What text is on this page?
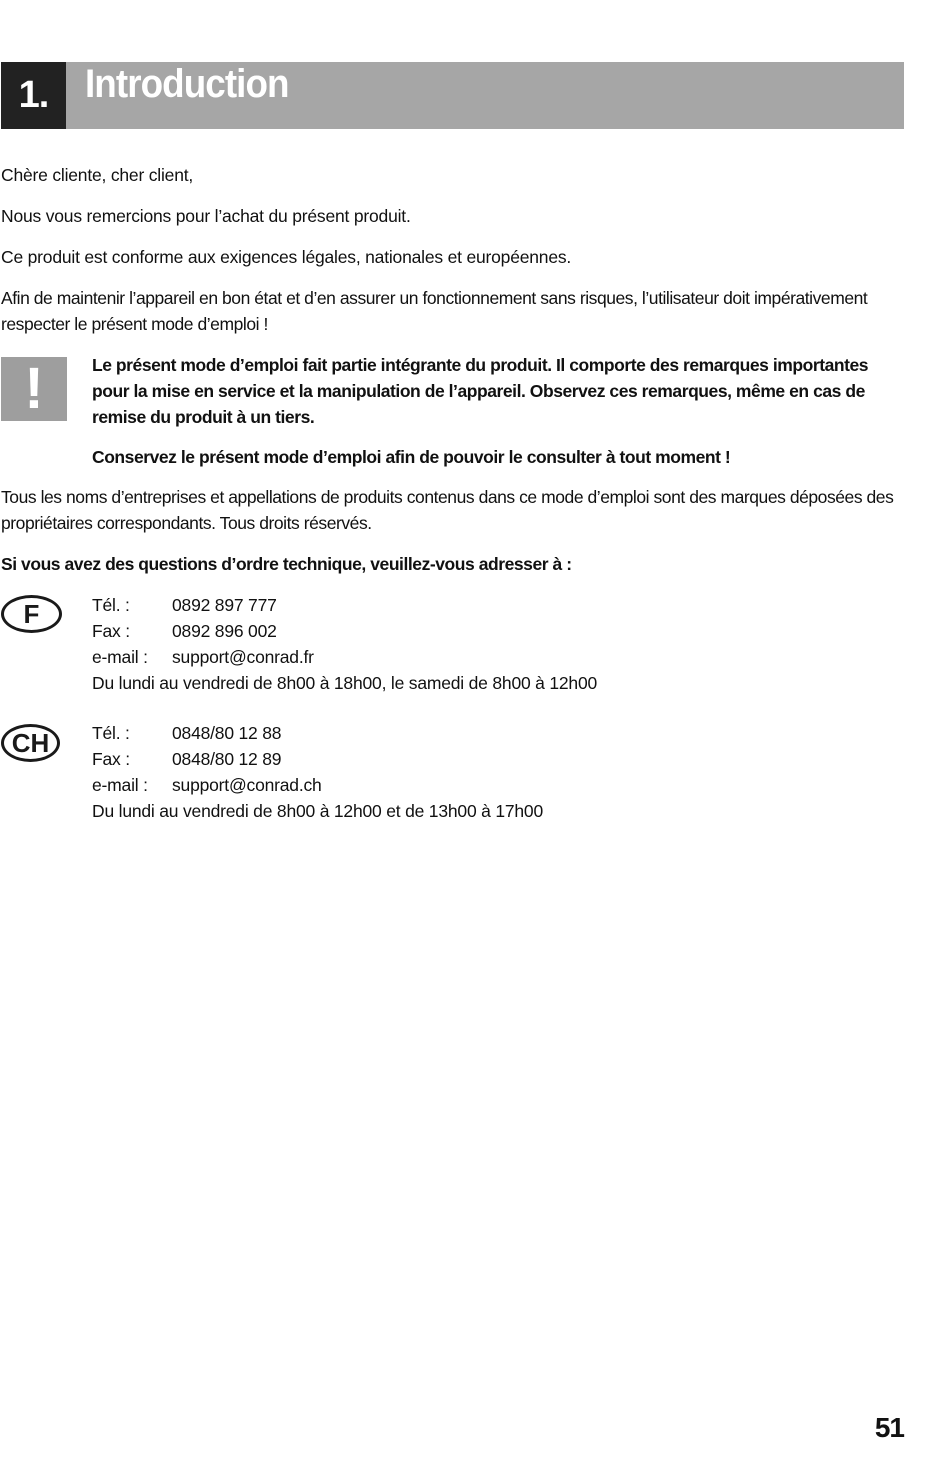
1. Introduction

Chère cliente, cher client,

Nous vous remercions pour l’achat du présent produit.

Ce produit est conforme aux exigences légales, nationales et européennes.

Afin de maintenir l’appareil en bon état et d’en assurer un fonctionnement sans risques, l’utilisateur doit impérativement respecter le présent mode d’emploi !

!	Le présent mode d’emploi fait partie intégrante du produit. Il comporte des remarques importantes pour la mise en service et la manipulation de l’appareil. Observez ces remarques, même en cas de remise du produit à un tiers.

Conservez le présent mode d’emploi afin de pouvoir le consulter à tout moment !

Tous les noms d’entreprises et appellations de produits contenus dans ce mode d’emploi sont des marques déposées des propriétaires correspondants. Tous droits réservés.

Si vous avez des questions d’ordre technique, veuillez-vous adresser à :

F	Tél. : 0892 897 777
Fax : 0892 896 002
e-mail : support@conrad.fr
Du lundi au vendredi de 8h00 à 18h00, le samedi de 8h00 à 12h00
CH	Tél. : 0848/80 12 88
Fax : 0848/80 12 89
e-mail : support@conrad.ch
Du lundi au vendredi de 8h00 à 12h00 et de 13h00 à 17h00
51
